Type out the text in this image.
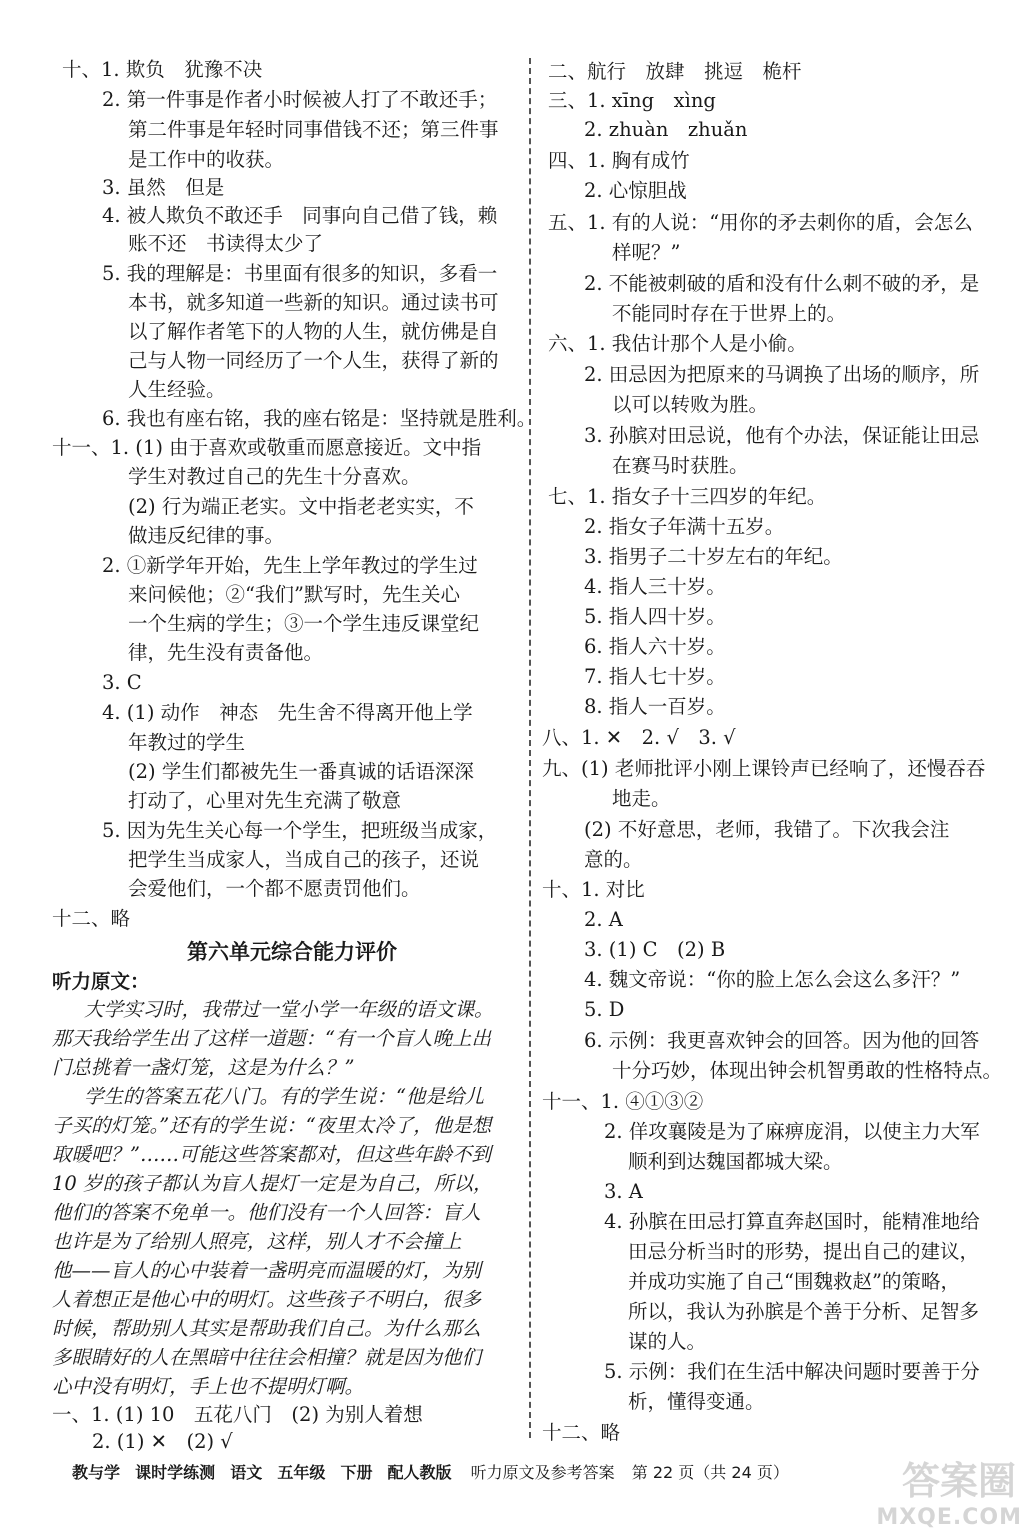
十、1. 欺负　犹豫不决
2. 第一件事是作者小时候被人打了不敢还手；
第二件事是年轻时同事借钱不还；第三件事
是工作中的收获。
3. 虽然　但是
4. 被人欺负不敢还手　同事向自己借了钱，赖
账不还　书读得太少了
5. 我的理解是：书里面有很多的知识，多看一
本书，就多知道一些新的知识。通过读书可
以了解作者笔下的人物的人生，就仿佛是自
己与人物一同经历了一个人生，获得了新的
人生经验。
6. 我也有座右铭，我的座右铭是：坚持就是胜利。
十一、1. (1) 由于喜欢或敬重而愿意接近。文中指
学生对教过自己的先生十分喜欢。
(2) 行为端正老实。文中指老老实实，不
做违反纪律的事。
2. ①新学年开始，先生上学年教过的学生过
来问候他；②“我们”默写时，先生关心
一个生病的学生；③一个学生违反课堂纪
律，先生没有责备他。
3. C
4. (1) 动作　神态　先生舍不得离开他上学
年教过的学生
(2) 学生们都被先生一番真诚的话语深深
打动了，心里对先生充满了敬意
5. 因为先生关心每一个学生，把班级当成家，
把学生当成家人，当成自己的孩子，还说
会爱他们，一个都不愿责罚他们。
十二、略
第六单元综合能力评价
听力原文：
大学实习时，我带过一堂小学一年级的语文课。
那天我给学生出了这样一道题：“有一个盲人晚上出
门总挑着一盏灯笼，这是为什么？”
学生的答案五花八门。有的学生说：“他是给儿
子买的灯笼。”还有的学生说：“夜里太冷了，他是想
取暖吧？”……可能这些答案都对，但这些年龄不到
10 岁的孩子都认为盲人提灯一定是为自己，所以，
他们的答案不免单一。他们没有一个人回答：盲人
也许是为了给别人照亮，这样，别人才不会撞上
他——盲人的心中装着一盏明亮而温暖的灯，为别
人着想正是他心中的明灯。这些孩子不明白，很多
时候，帮助别人其实是帮助我们自己。为什么那么
多眼睛好的人在黑暗中往往会相撞？就是因为他们
心中没有明灯，手上也不提明灯啊。
一、1. (1) 10　五花八门　(2) 为别人着想
2. (1) ✕　(2) √
二、航行　放肆　挑逗　桅杆
三、1. xīng　xìng
2. zhuàn　zhuǎn
四、1. 胸有成竹
2. 心惊胆战
五、1. 有的人说：“用你的矛去刺你的盾，会怎么
样呢？”
2. 不能被刺破的盾和没有什么刺不破的矛，是
不能同时存在于世界上的。
六、1. 我估计那个人是小偷。
2. 田忌因为把原来的马调换了出场的顺序，所
以可以转败为胜。
3. 孙膑对田忌说，他有个办法，保证能让田忌
在赛马时获胜。
七、1. 指女子十三四岁的年纪。
2. 指女子年满十五岁。
3. 指男子二十岁左右的年纪。
4. 指人三十岁。
5. 指人四十岁。
6. 指人六十岁。
7. 指人七十岁。
8. 指人一百岁。
八、1. ✕　2. √　3. √
九、(1) 老师批评小刚上课铃声已经响了，还慢吞吞
地走。
(2) 不好意思，老师，我错了。下次我会注
意的。
十、1. 对比
2. A
3. (1) C　(2) B
4. 魏文帝说：“你的脸上怎么会这么多汗？”
5. D
6. 示例：我更喜欢钟会的回答。因为他的回答
十分巧妙，体现出钟会机智勇敢的性格特点。
十一、1. ④①③②
2. 佯攻襄陵是为了麻痹庞涓，以使主力大军
顺利到达魏国都城大梁。
3. A
4. 孙膑在田忌打算直奔赵国时，能精准地给
田忌分析当时的形势，提出自己的建议，
并成功实施了自己“围魏救赵”的策略，
所以，我认为孙膑是个善于分析、足智多
谋的人。
5. 示例：我们在生活中解决问题时要善于分
析，懂得变通。
十二、略
教与学 课时学练测 语文 五年级 下册 配人教版 听力原文及参考答案 第 22 页（共 24 页）	答案圈
MXQE.COM
